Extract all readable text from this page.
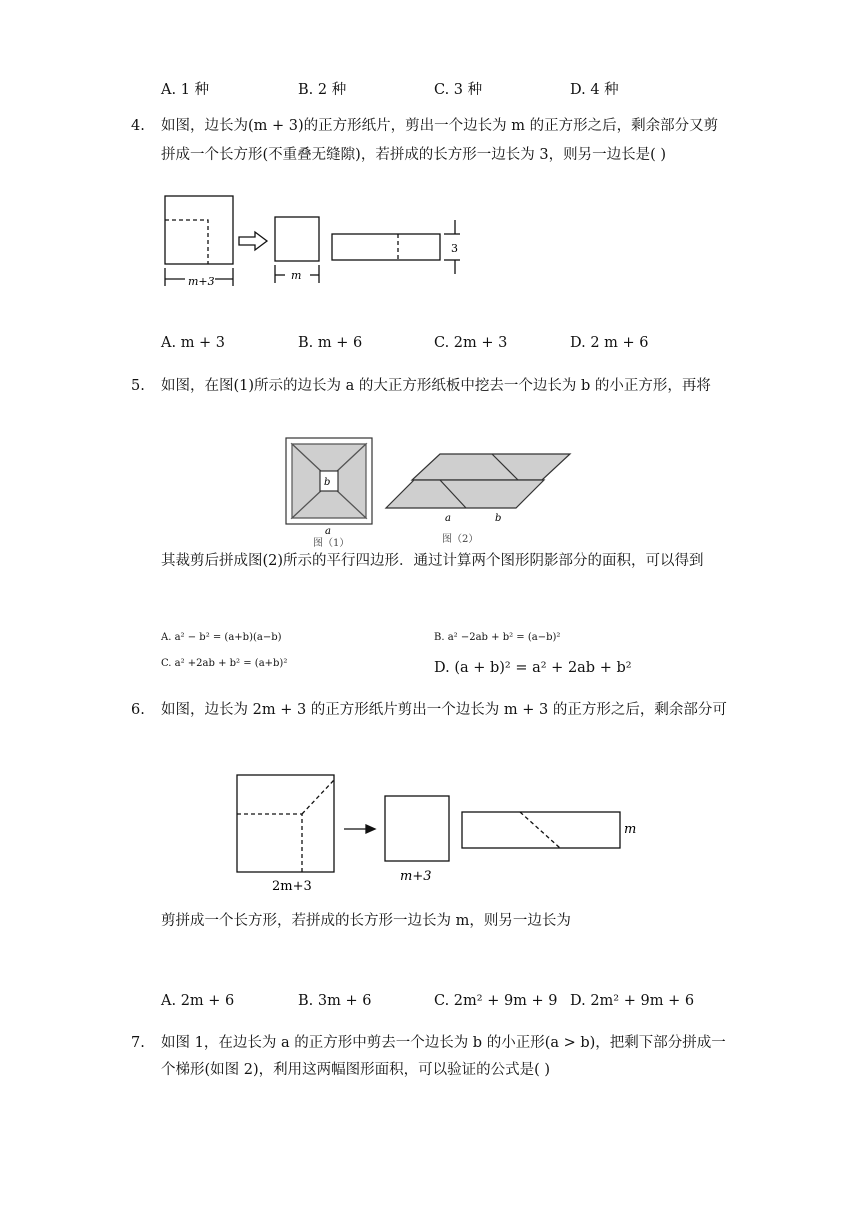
A. 1 种	B. 2 种	C. 3 种	D. 4 种
4. 如图，边长为(m + 3)的正方形纸片，剪出一个边长为 m 的正方形之后，剩余部分又剪
拼成一个长方形(不重叠无缝隙)，若拼成的长方形一边长为 3，则另一边长是( )
m+3	m
3
A. m + 3	B. m + 6	C. 2m + 3	D. 2 m + 6
5. 如图，在图(1)所示的边长为 a 的大正方形纸板中挖去一个边长为 b 的小正方形，再将
b
a
图（1）
a	b
图（2）
其裁剪后拼成图(2)所示的平行四边形．通过计算两个图形阴影部分的面积，可以得到
A. a² − b² = (a+b)(a−b)	B. a² −2ab + b² = (a−b)²
C. a² +2ab + b² = (a+b)²	D. (a + b)² = a² + 2ab + b²
6. 如图，边长为 2m + 3 的正方形纸片剪出一个边长为 m + 3 的正方形之后，剩余部分可
2m+3
m+3
m
剪拼成一个长方形，若拼成的长方形一边长为 m，则另一边长为
A. 2m + 6	B. 3m + 6	C. 2m² + 9m + 9 D. 2m² + 9m + 6
7. 如图 1，在边长为 a 的正方形中剪去一个边长为 b 的小正形(a > b)，把剩下部分拼成一
个梯形(如图 2)，利用这两幅图形面积，可以验证的公式是( )
